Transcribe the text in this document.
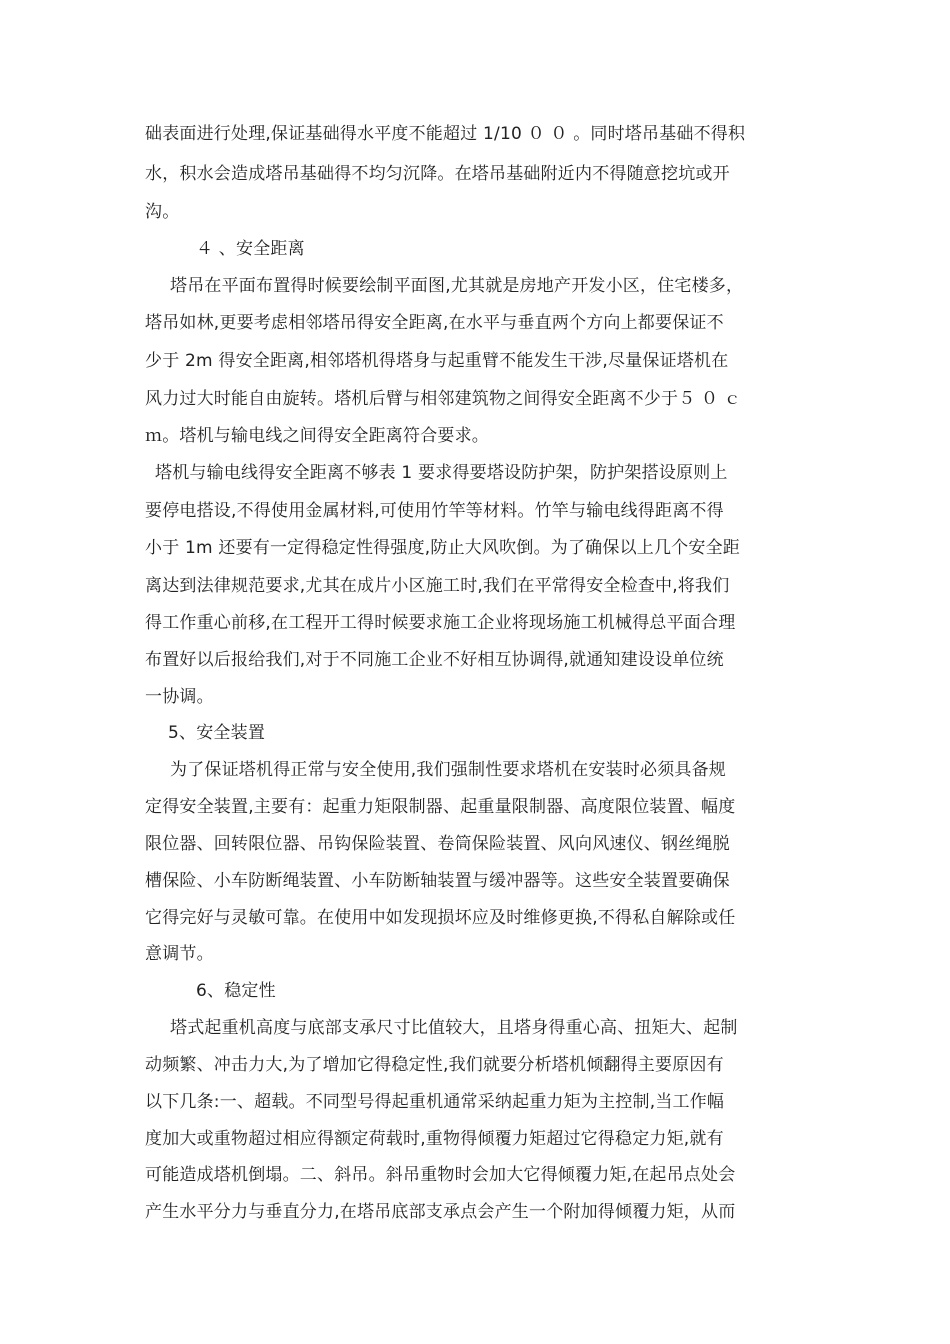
础表面进行处理,保证基础得水平度不能超过 1/10 ０ ０ 。同时塔吊基础不得积
水，积水会造成塔吊基础得不均匀沉降。在塔吊基础附近内不得随意挖坑或开
沟。
４ 、安全距离
塔吊在平面布置得时候要绘制平面图,尤其就是房地产开发小区，住宅楼多，
塔吊如林,更要考虑相邻塔吊得安全距离,在水平与垂直两个方向上都要保证不
少于 2m 得安全距离,相邻塔机得塔身与起重臂不能发生干涉,尽量保证塔机在
风力过大时能自由旋转。塔机后臂与相邻建筑物之间得安全距离不少于５ ０ ｃ
ｍ。塔机与输电线之间得安全距离符合要求。
塔机与输电线得安全距离不够表 1 要求得要塔设防护架，防护架搭设原则上
要停电搭设,不得使用金属材料,可使用竹竿等材料。竹竿与输电线得距离不得
小于 1m 还要有一定得稳定性得强度,防止大风吹倒。为了确保以上几个安全距
离达到法律规范要求,尤其在成片小区施工时,我们在平常得安全检查中,将我们
得工作重心前移,在工程开工得时候要求施工企业将现场施工机械得总平面合理
布置好以后报给我们,对于不同施工企业不好相互协调得,就通知建设设单位统
一协调。
5、安全装置
为了保证塔机得正常与安全使用,我们强制性要求塔机在安装时必须具备规
定得安全装置,主要有：起重力矩限制器、起重量限制器、高度限位装置、幅度
限位器、回转限位器、吊钩保险装置、卷筒保险装置、风向风速仪、钢丝绳脱
槽保险、小车防断绳装置、小车防断轴装置与缓冲器等。这些安全装置要确保
它得完好与灵敏可靠。在使用中如发现损坏应及时维修更换,不得私自解除或任
意调节。
6、稳定性
塔式起重机高度与底部支承尺寸比值较大，且塔身得重心高、扭矩大、起制
动频繁、冲击力大,为了增加它得稳定性,我们就要分析塔机倾翻得主要原因有
以下几条:一、超载。不同型号得起重机通常采纳起重力矩为主控制,当工作幅
度加大或重物超过相应得额定荷载时,重物得倾覆力矩超过它得稳定力矩,就有
可能造成塔机倒塌。二、斜吊。斜吊重物时会加大它得倾覆力矩,在起吊点处会
产生水平分力与垂直分力,在塔吊底部支承点会产生一个附加得倾覆力矩，从而
